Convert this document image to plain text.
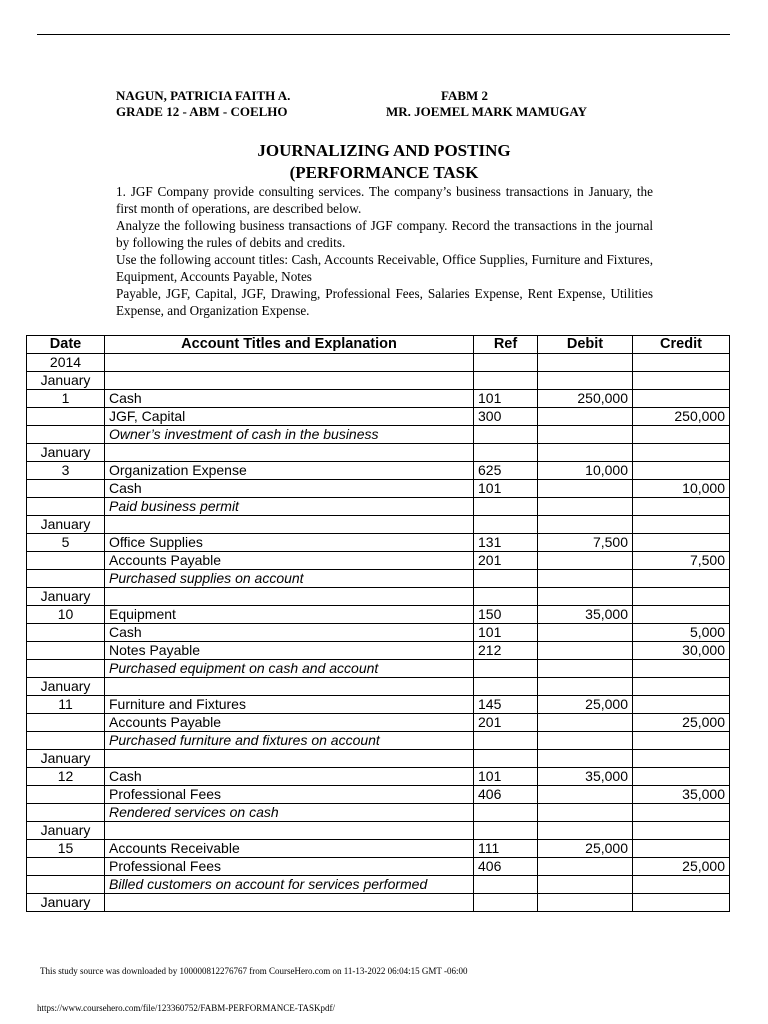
NAGUN, PATRICIA FAITH A.	FABM 2
GRADE 12 - ABM - COELHO	MR. JOEMEL MARK MAMUGAY
JOURNALIZING AND POSTING
(PERFORMANCE TASK

1. JGF Company provide consulting services. The company’s business transactions in January, the first month of operations, are described below.

Analyze the following business transactions of JGF company. Record the transactions in the journal by following the rules of debits and credits.

Use the following account titles: Cash, Accounts Receivable, Office Supplies, Furniture and Fixtures, Equipment, Accounts Payable, Notes

Payable, JGF, Capital, JGF, Drawing, Professional Fees, Salaries Expense, Rent Expense, Utilities Expense, and Organization Expense.

Date	Account Titles and Explanation	Ref	Debit	Credit
2014				
January				
1	Cash	101	250,000	
	JGF, Capital	300		250,000
	Owner’s investment of cash in the business			
January				
3	Organization Expense	625	10,000	
	Cash	101		10,000
	Paid business permit			
January				
5	Office Supplies	131	7,500	
	Accounts Payable	201		7,500
	Purchased supplies on account			
January				
10	Equipment	150	35,000	
	Cash	101		5,000
	Notes Payable	212		30,000
	Purchased equipment on cash and account			
January				
11	Furniture and Fixtures	145	25,000	
	Accounts Payable	201		25,000
	Purchased furniture and fixtures on account			
January				
12	Cash	101	35,000	
	Professional Fees	406		35,000
	Rendered services on cash			
January				
15	Accounts Receivable	111	25,000	
	Professional Fees	406		25,000
	Billed customers on account for services performed			
January				
This study source was downloaded by 100000812276767 from CourseHero.com on 11-13-2022 06:04:15 GMT -06:00
https://www.coursehero.com/file/123360752/FABM-PERFORMANCE-TASKpdf/
